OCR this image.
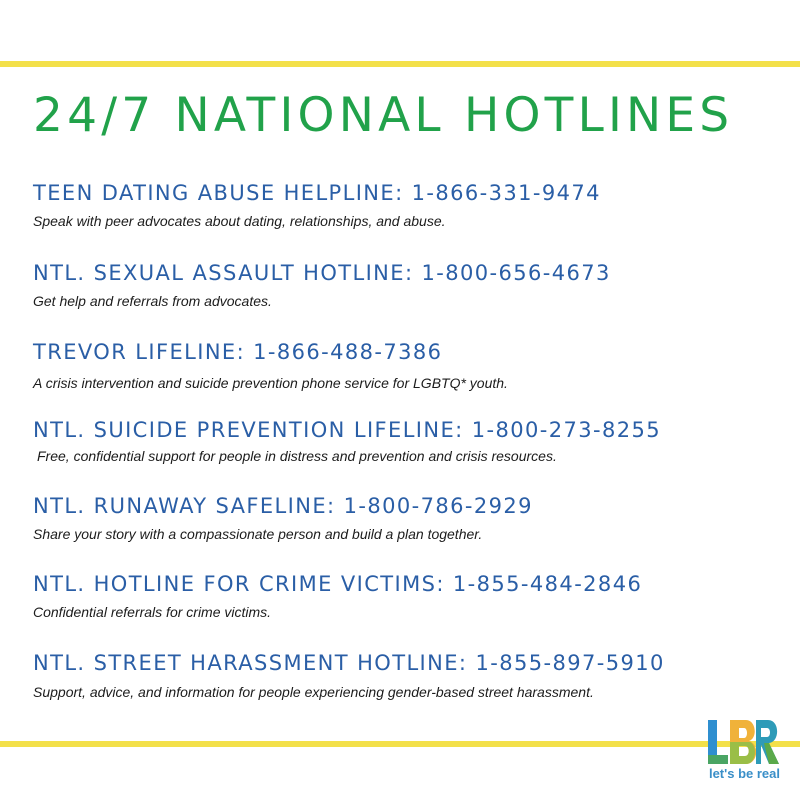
24/7 NATIONAL HOTLINES
TEEN DATING ABUSE HELPLINE: 1-866-331-9474
Speak with peer advocates about dating, relationships, and abuse.
NTL. SEXUAL ASSAULT HOTLINE: 1-800-656-4673
Get help and referrals from advocates.
TREVOR LIFELINE: 1-866-488-7386
A crisis intervention and suicide prevention phone service for LGBTQ* youth.
NTL. SUICIDE PREVENTION LIFELINE: 1-800-273-8255
Free, confidential support for people in distress and prevention and crisis resources.
NTL. RUNAWAY SAFELINE: 1-800-786-2929
Share your story with a compassionate person and build a plan together.
NTL. HOTLINE FOR CRIME VICTIMS: 1-855-484-2846
Confidential referrals for crime victims.
NTL. STREET HARASSMENT HOTLINE: 1-855-897-5910
Support, advice, and information for people experiencing gender-based street harassment.
let's be real
